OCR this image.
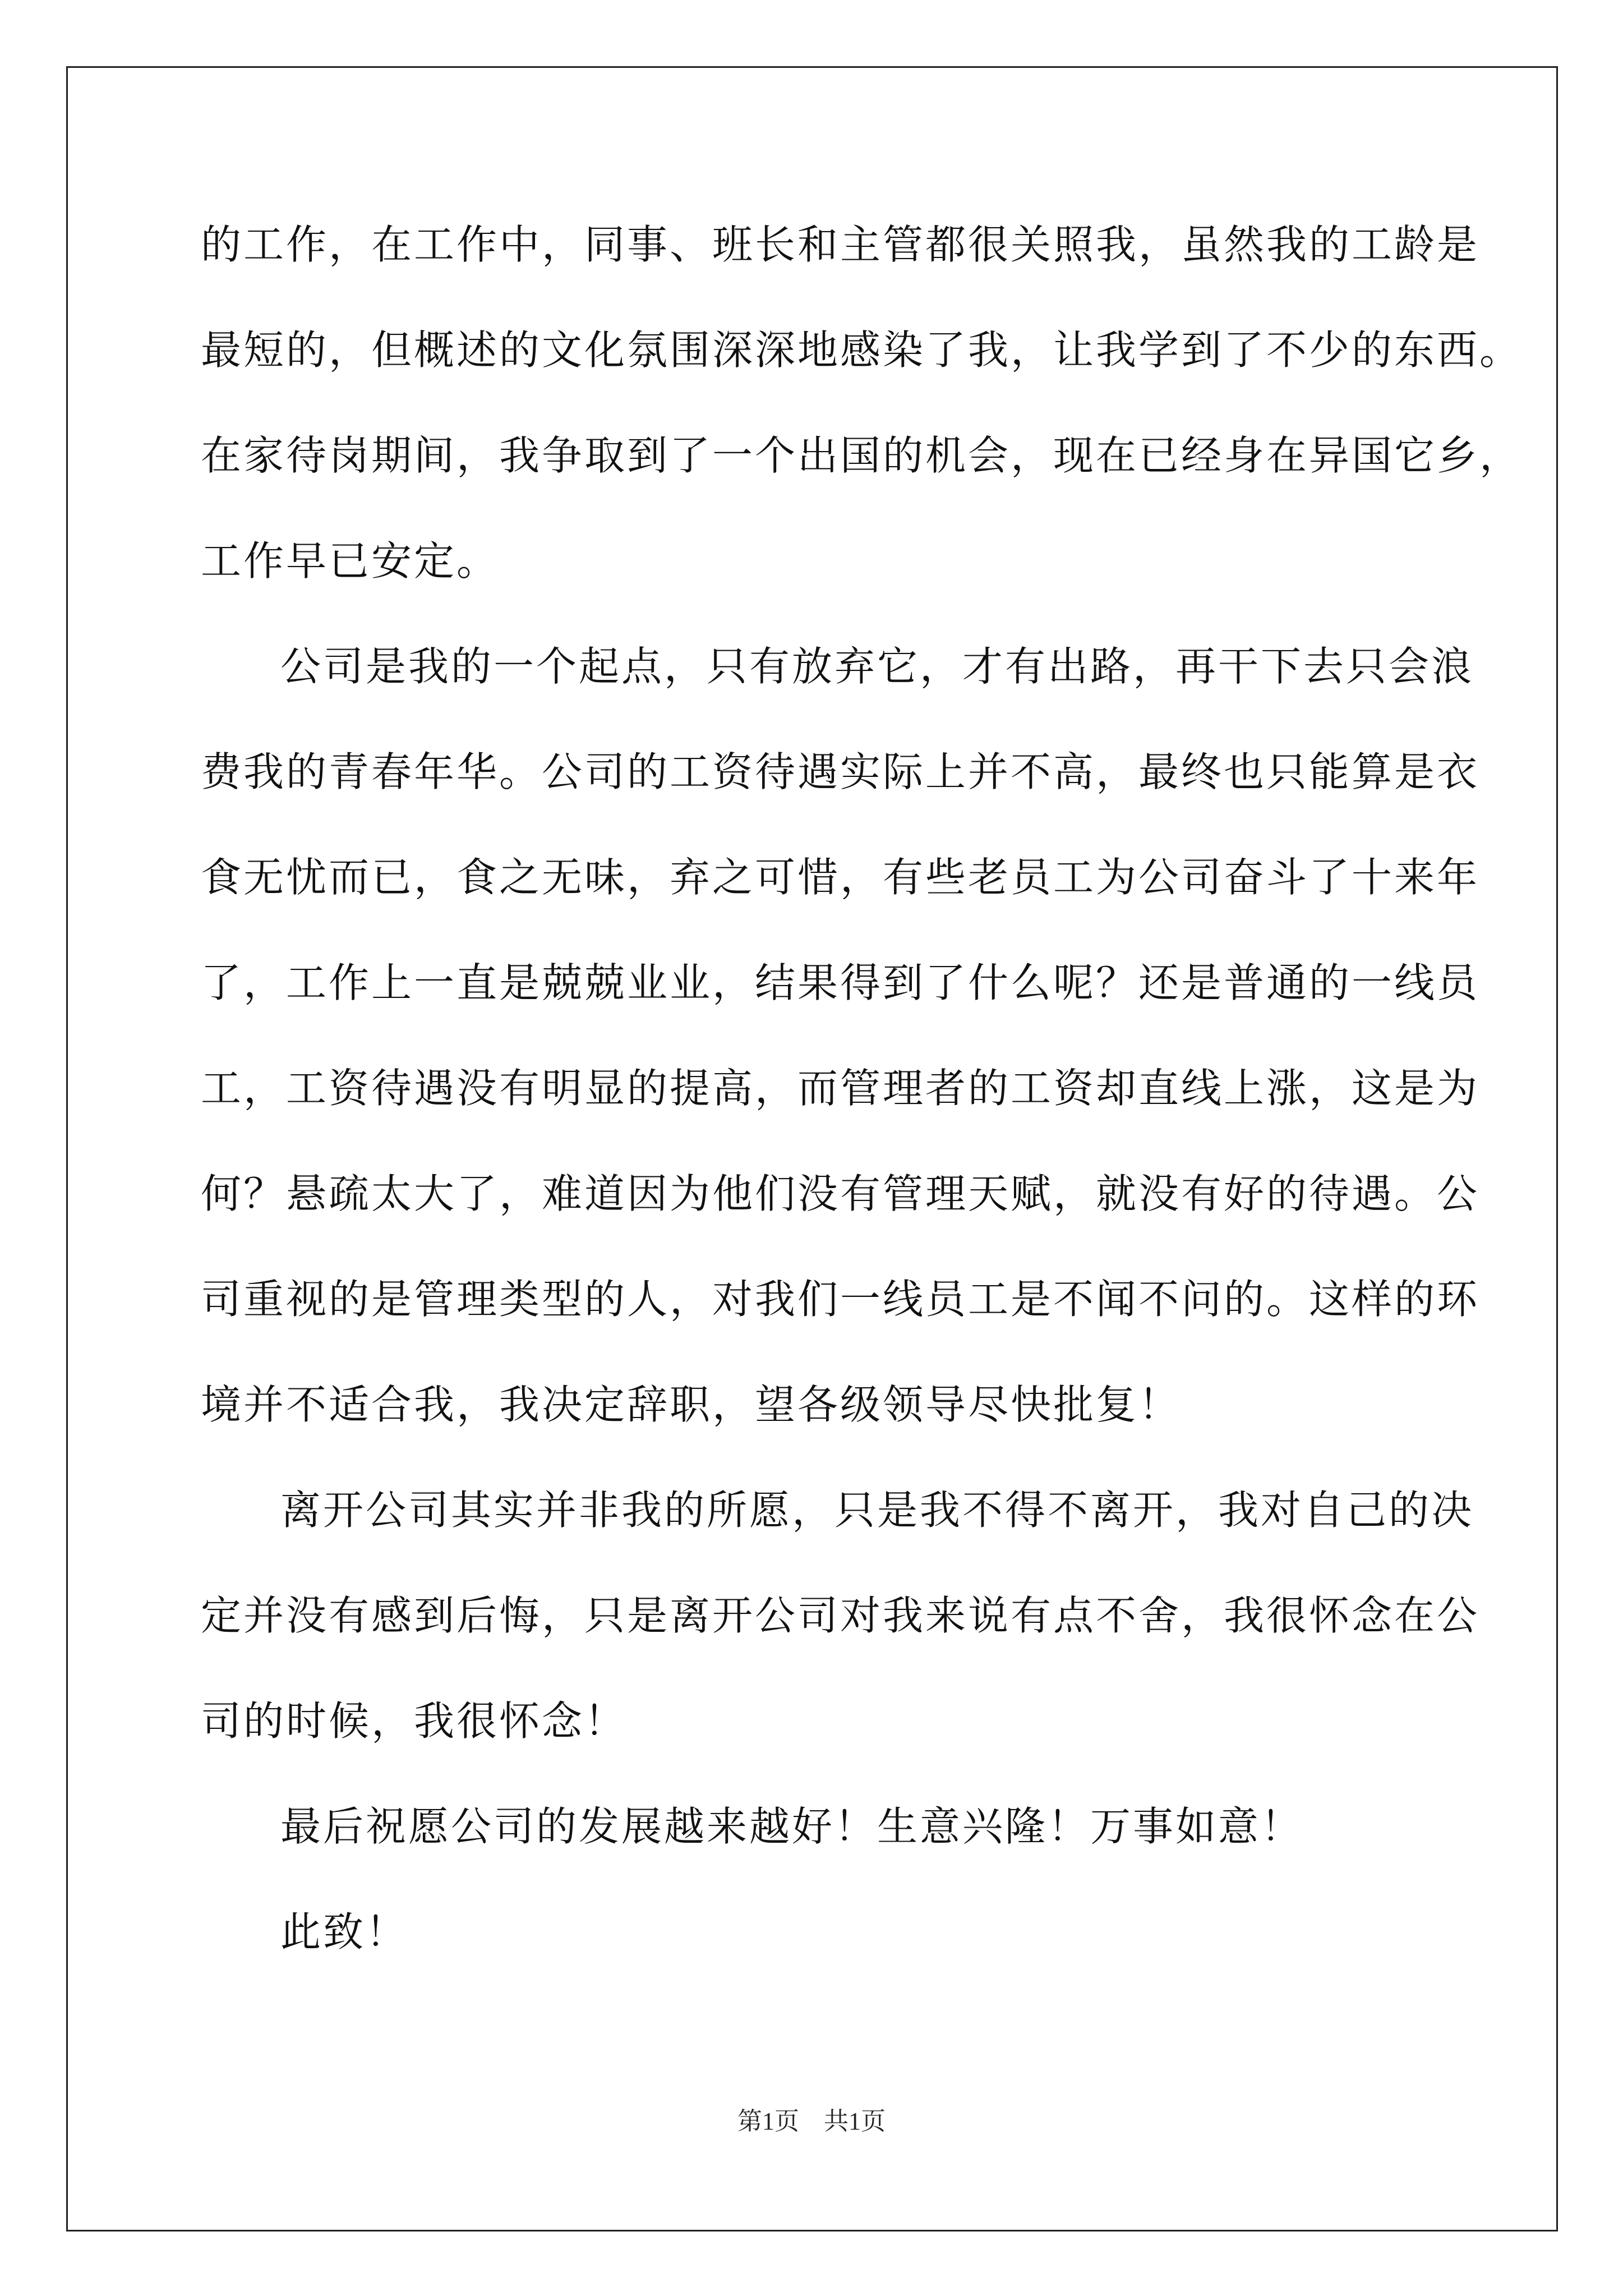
的工作，在工作中，同事、班长和主管都很关照我，虽然我的工龄是
最短的，但概述的文化氛围深深地感染了我，让我学到了不少的东西。
在家待岗期间，我争取到了一个出国的机会，现在已经身在异国它乡，
工作早已安定。
公司是我的一个起点，只有放弃它，才有出路，再干下去只会浪
费我的青春年华。公司的工资待遇实际上并不高，最终也只能算是衣
食无忧而已，食之无味，弃之可惜，有些老员工为公司奋斗了十来年
了，工作上一直是兢兢业业，结果得到了什么呢？还是普通的一线员
工，工资待遇没有明显的提高，而管理者的工资却直线上涨，这是为
何？悬疏太大了，难道因为他们没有管理天赋，就没有好的待遇。公
司重视的是管理类型的人，对我们一线员工是不闻不问的。这样的环
境并不适合我，我决定辞职，望各级领导尽快批复！
离开公司其实并非我的所愿，只是我不得不离开，我对自己的决
定并没有感到后悔，只是离开公司对我来说有点不舍，我很怀念在公
司的时候，我很怀念！
最后祝愿公司的发展越来越好！生意兴隆！万事如意！
此致！
第1页　共1页
